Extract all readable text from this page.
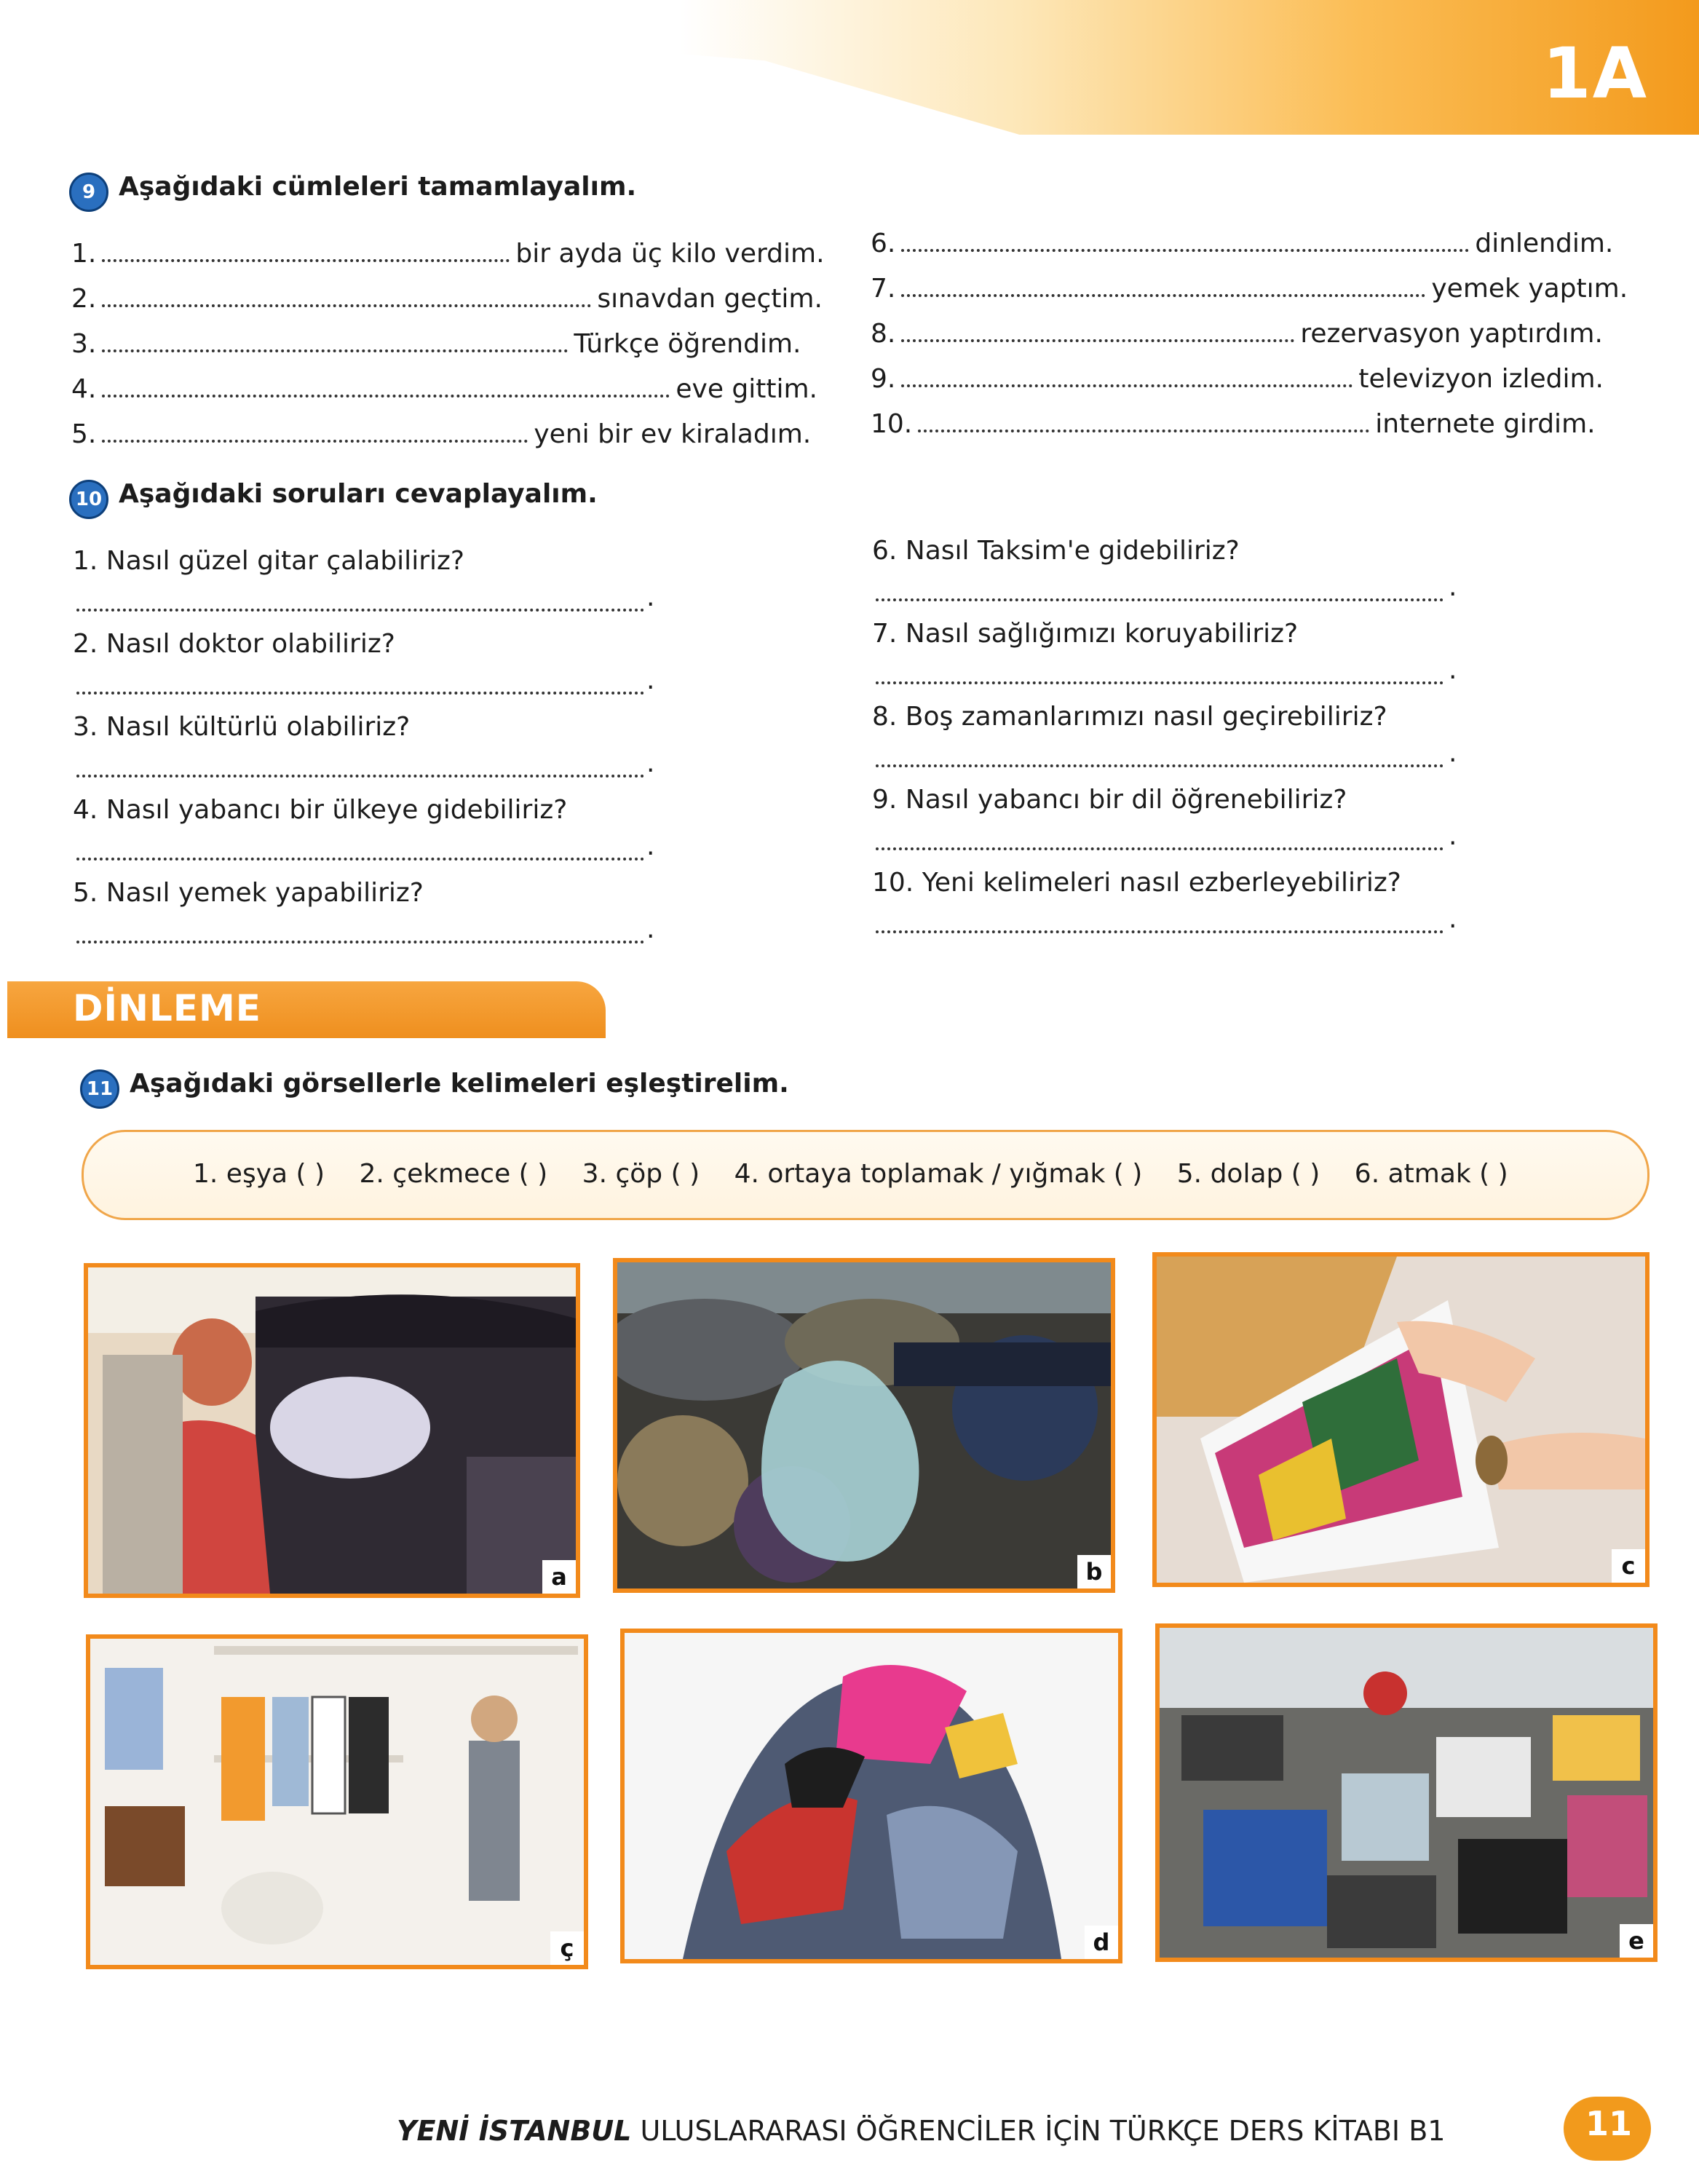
1A
9 Aşağıdaki cümleleri tamamlayalım.
1.	bir ayda üç kilo verdim.
2.	sınavdan geçtim.
3.	Türkçe öğrendim.
4.	eve gittim.
5.	yeni bir ev kiraladım.
6.	dinlendim.
7.	yemek yaptım.
8.	rezervasyon yaptırdım.
9.	televizyon izledim.
10.	internete girdim.
10 Aşağıdaki soruları cevaplayalım.
1. Nasıl güzel gitar çalabiliriz?
.
2. Nasıl doktor olabiliriz?
.
3. Nasıl kültürlü olabiliriz?
.
4. Nasıl yabancı bir ülkeye gidebiliriz?
.
5. Nasıl yemek yapabiliriz?
.
6. Nasıl Taksim'e gidebiliriz?
.
7. Nasıl sağlığımızı koruyabiliriz?
.
8. Boş zamanlarımızı nasıl geçirebiliriz?
.
9. Nasıl yabancı bir dil öğrenebiliriz?
.
10. Yeni kelimeleri nasıl ezberleyebiliriz?
.
DİNLEME
11 Aşağıdaki görsellerle kelimeleri eşleştirelim.
1. eşya ( ) 2. çekmece ( ) 3. çöp ( ) 4. ortaya toplamak / yığmak ( ) 5. dolap ( ) 6. atmak ( )
a	b	c
ç	d	e
YENİ İSTANBUL ULUSLARARASI ÖĞRENCİLER İÇİN TÜRKÇE DERS KİTABI B1	11
